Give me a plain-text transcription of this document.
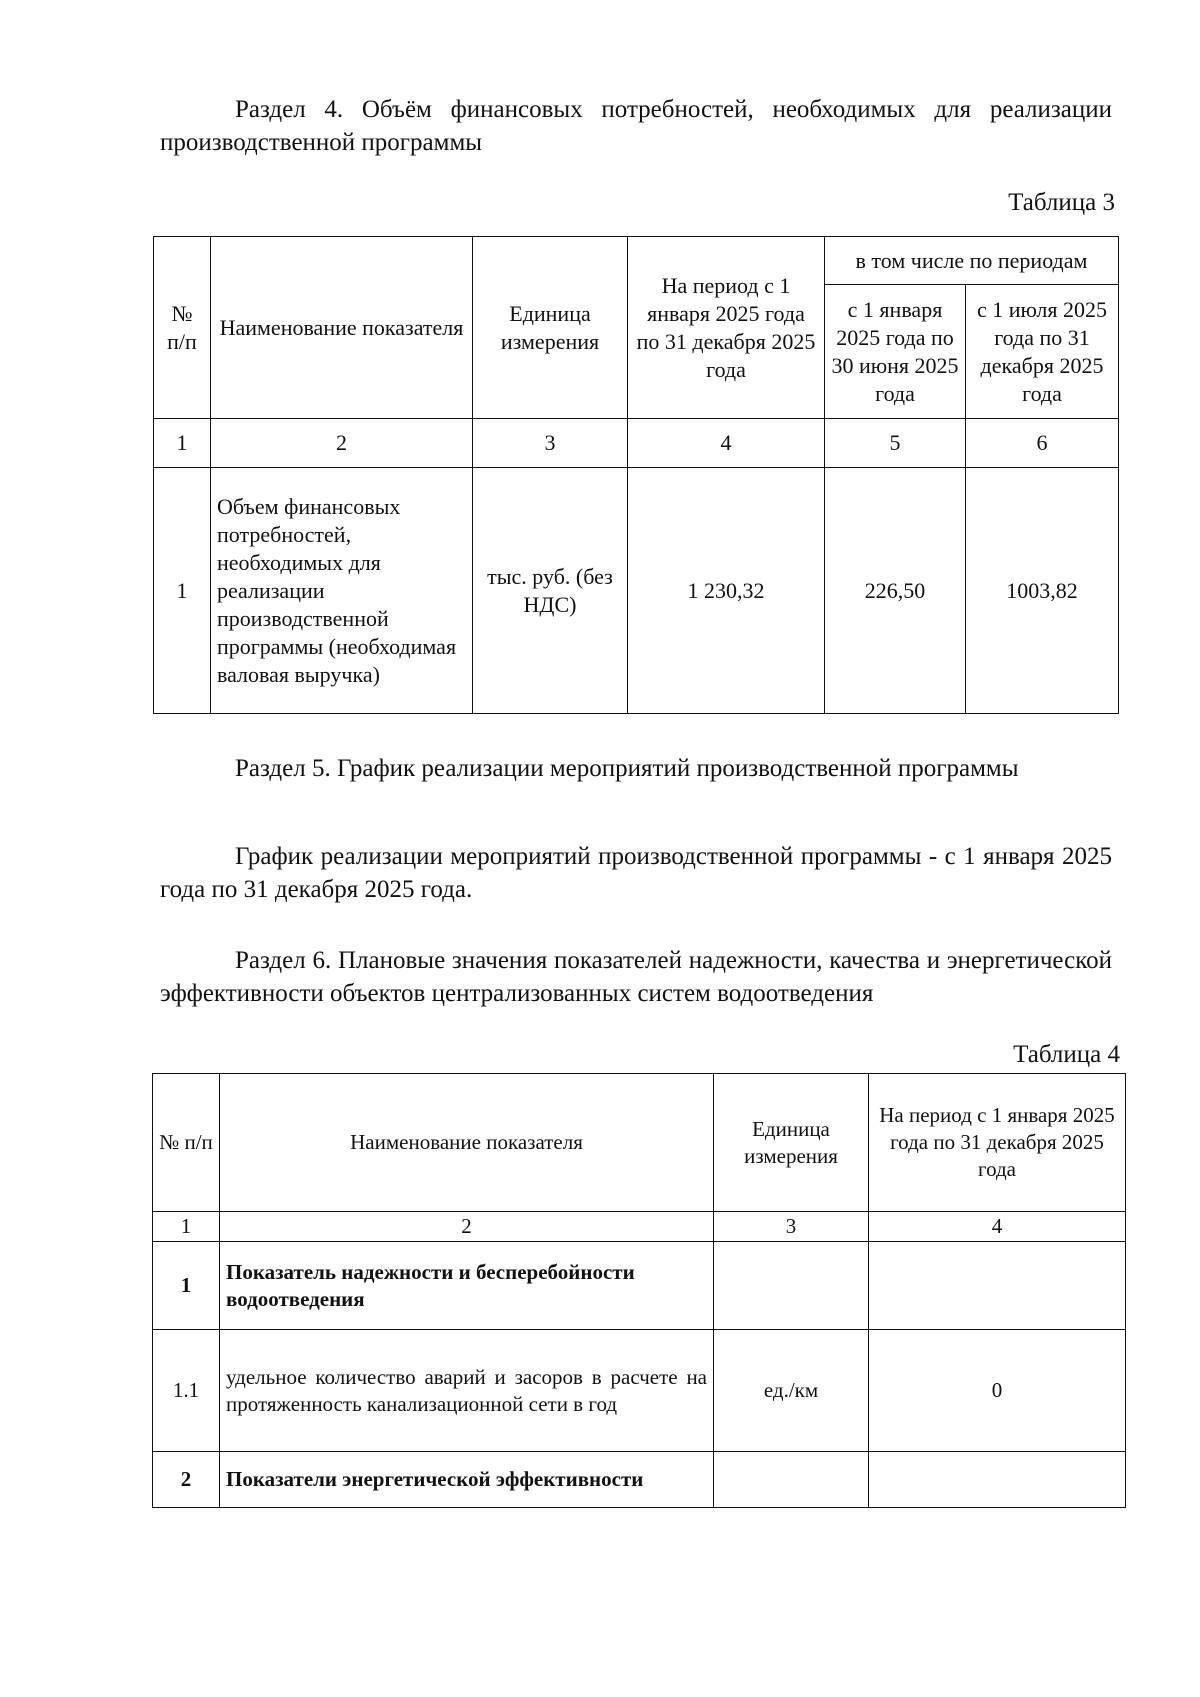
Раздел 4. Объём финансовых потребностей, необходимых для реализации производственной программы

Таблица 3

№ п/п	Наименование показателя	Единица измерения	На период с 1 января 2025 года по 31 декабря 2025 года	в том числе по периодам	
				с 1 января 2025 года по 30 июня 2025 года	с 1 июля 2025 года по 31 декабря 2025 года
1	2	3	4	5	6
1	Объем финансовых потребностей, необходимых для реализации производственной программы (необходимая валовая выручка)	тыс. руб. (без НДС)	1 230,32	226,50	1003,82

Раздел 5. График реализации мероприятий производственной программы

График реализации мероприятий производственной программы - с 1 января 2025 года по 31 декабря 2025 года.

Раздел 6. Плановые значения показателей надежности, качества и энергетической эффективности объектов централизованных систем водоотведения

Таблица 4

№ п/п	Наименование показателя	Единица измерения	На период с 1 января 2025 года по 31 декабря 2025 года
1	2	3	4
1	Показатель надежности и бесперебойности водоотведения		
1.1	удельное количество аварий и засоров в расчете на протяженность канализационной сети в год	ед./км	0
2	Показатели энергетической эффективности		
